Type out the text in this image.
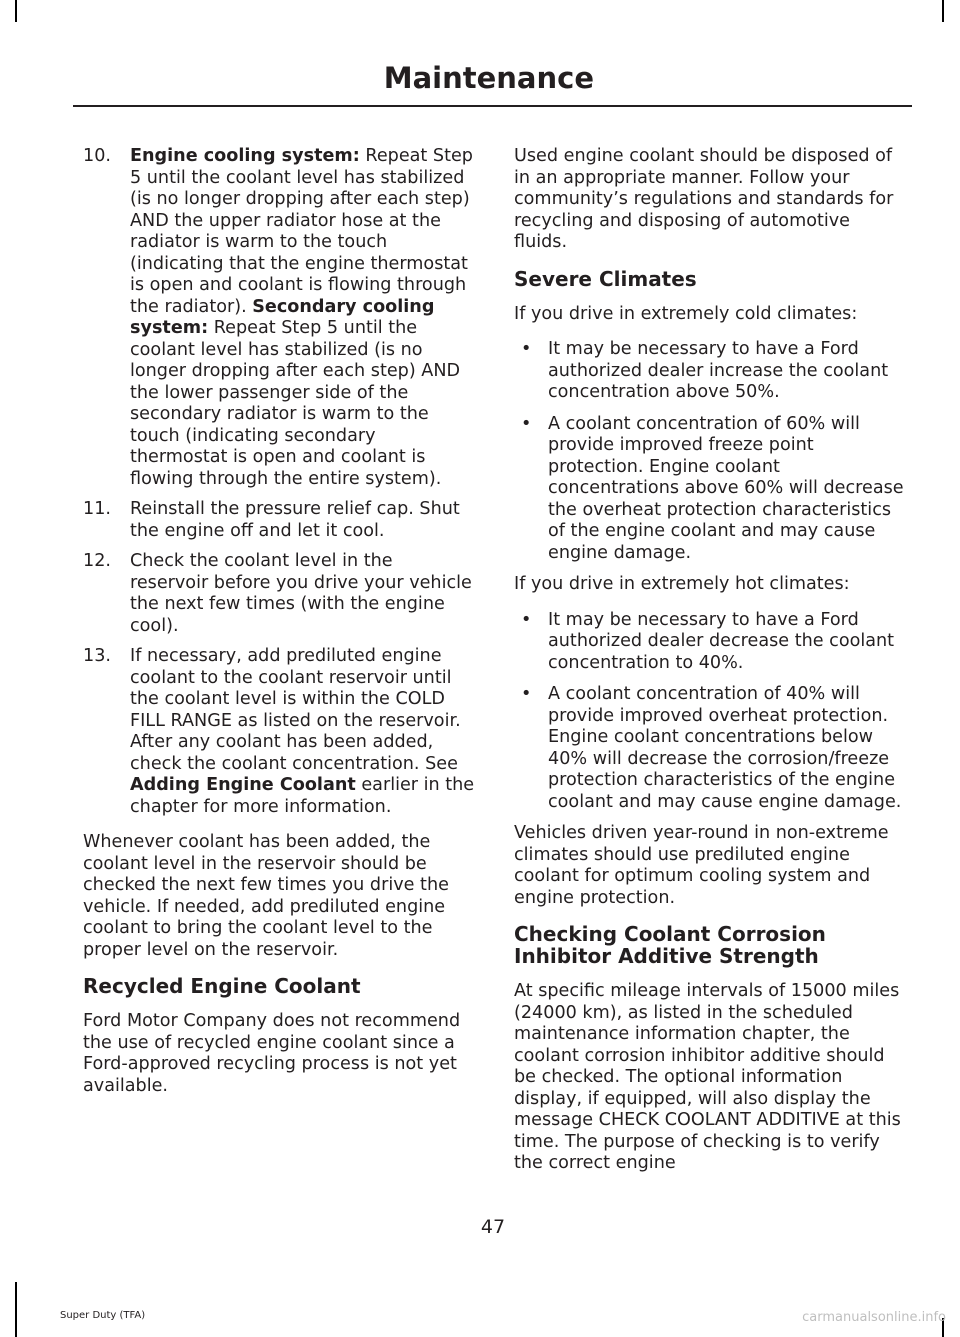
Maintenance
10. Engine cooling system: Repeat Step 5 until the coolant level has stabilized (is no longer dropping after each step) AND the upper radiator hose at the radiator is warm to the touch (indicating that the engine thermostat is open and coolant is flowing through the radiator). Secondary cooling system: Repeat Step 5 until the coolant level has stabilized (is no longer dropping after each step) AND the lower passenger side of the secondary radiator is warm to the touch (indicating secondary thermostat is open and coolant is flowing through the entire system).
11. Reinstall the pressure relief cap. Shut the engine off and let it cool.
12. Check the coolant level in the reservoir before you drive your vehicle the next few times (with the engine cool).
13. If necessary, add prediluted engine coolant to the coolant reservoir until the coolant level is within the COLD FILL RANGE as listed on the reservoir. After any coolant has been added, check the coolant concentration. See Adding Engine Coolant earlier in the chapter for more information.

Whenever coolant has been added, the coolant level in the reservoir should be checked the next few times you drive the vehicle. If needed, add prediluted engine coolant to bring the coolant level to the proper level on the reservoir.

Recycled Engine Coolant

Ford Motor Company does not recommend the use of recycled engine coolant since a Ford-approved recycling process is not yet available.

Used engine coolant should be disposed of in an appropriate manner. Follow your community’s regulations and standards for recycling and disposing of automotive fluids.

Severe Climates

If you drive in extremely cold climates:

• It may be necessary to have a Ford authorized dealer increase the coolant concentration above 50%.
• A coolant concentration of 60% will provide improved freeze point protection. Engine coolant concentrations above 60% will decrease the overheat protection characteristics of the engine coolant and may cause engine damage.

If you drive in extremely hot climates:

• It may be necessary to have a Ford authorized dealer decrease the coolant concentration to 40%.
• A coolant concentration of 40% will provide improved overheat protection. Engine coolant concentrations below 40% will decrease the corrosion/freeze protection characteristics of the engine coolant and may cause engine damage.

Vehicles driven year-round in non-extreme climates should use prediluted engine coolant for optimum cooling system and engine protection.

Checking Coolant Corrosion Inhibitor Additive Strength

At specific mileage intervals of 15000 miles (24000 km), as listed in the scheduled maintenance information chapter, the coolant corrosion inhibitor additive should be checked. The optional information display, if equipped, will also display the message CHECK COOLANT ADDITIVE at this time. The purpose of checking is to verify the correct engine

47
Super Duty (TFA)	carmanualsonline.info
